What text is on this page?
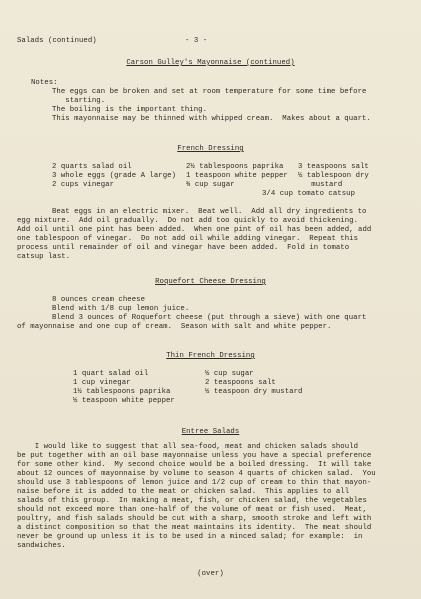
Salads (continued)	- 3 -
Carson Gulley's Mayonnaise (continued)
Notes:
The eggs can be broken and set at room temperature for some time before
starting.
The boiling is the important thing.
This mayonnaise may be thinned with whipped cream.  Makes about a quart.
French Dressing
2 quarts salad oil
3 whole eggs (grade A large)
2 cups vinegar
2½ tablespoons paprika
1 teaspoon white pepper
¾ cup sugar
3 teaspoons salt
½ tablespoon dry
mustard
3/4 cup tomato catsup
Beat eggs in an electric mixer.  Beat well.  Add all dry ingredients to
egg mixture.  Add oil gradually.  Do not add too quickly to avoid thickening.
Add oil until one pint has been added.  When one pint of oil has been added, add
one tablespoon of vinegar.  Do not add oil while adding vinegar.  Repeat this
process until remainder of oil and vinegar have been added.  Fold in tomato
catsup last.
Roquefort Cheese Dressing
8 ounces cream cheese
Blend with 1/8 cup lemon juice.
Blend 3 ounces of Roquefort cheese (put through a sieve) with one quart
of mayonnaise and one cup of cream.  Season with salt and white pepper.
Thin French Dressing
1 quart salad oil
1 cup vinegar
1½ tablespoons paprika
½ teaspoon white pepper
½ cup sugar
2 teaspoons salt
½ teaspoon dry mustard
Entree Salads
I would like to suggest that all sea-food, meat and chicken salads should
be put together with an oil base mayonnaise unless you have a special preference
for some other kind.  My second choice would be a boiled dressing.  It will take
about 12 ounces of mayonnaise by volume to season 4 quarts of chicken salad.  You
should use 3 tablespoons of lemon juice and 1/2 cup of cream to thin that mayon-
naise before it is added to the meat or chicken salad.  This applies to all
salads of this group.  In making a meat, fish, or chicken salad, the vegetables
should not exceed more than one-half of the volume of meat or fish used.  Meat,
poultry, and fish salads should be cut with a sharp, smooth stroke and left with
a distinct composition so that the meat maintains its identity.  The meat should
never be ground up unless it is to be used in a minced salad; for example:  in
sandwiches.
(over)
